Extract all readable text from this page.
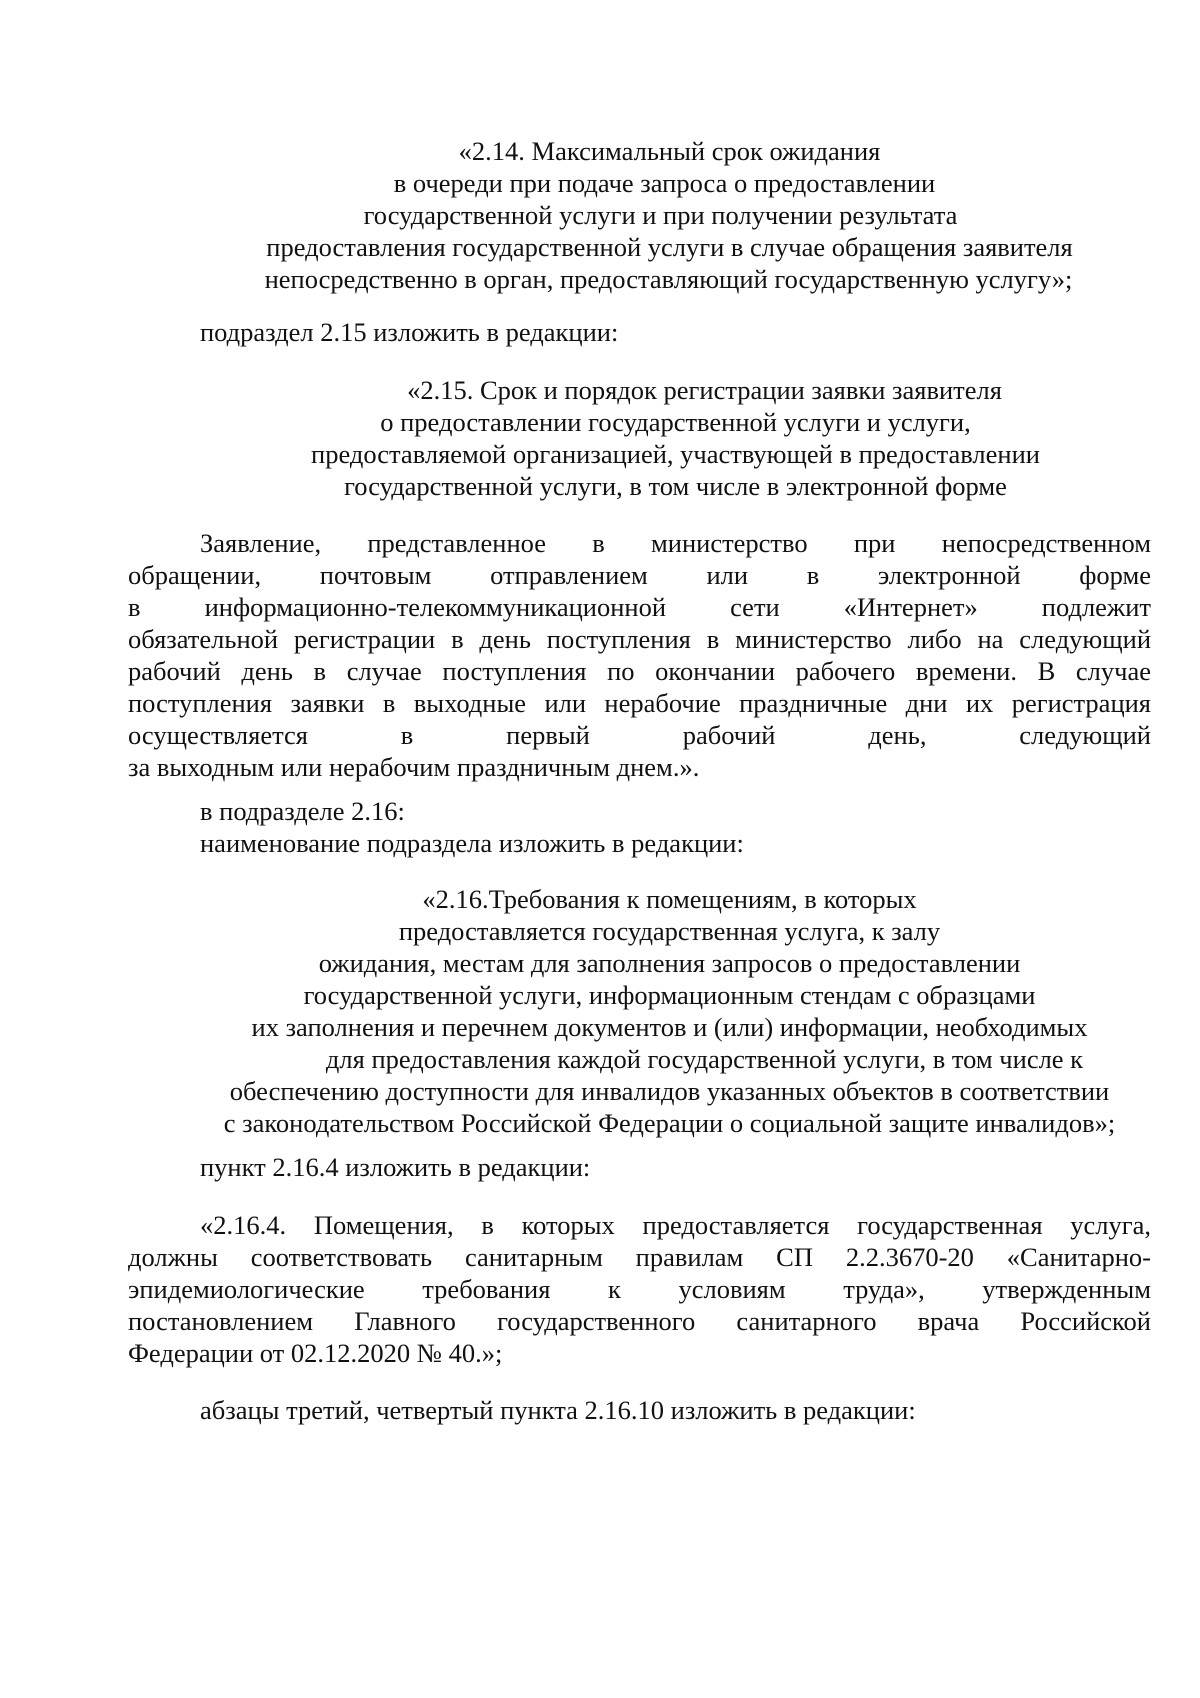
«2.14. Максимальный срок ожидания
в очереди при подаче запроса о предоставлении
государственной услуги и при получении результата
предоставления государственной услуги в случае обращения заявителя
непосредственно в орган, предоставляющий государственную услугу»;
подраздел 2.15 изложить в редакции:
«2.15. Срок и порядок регистрации заявки заявителя
о предоставлении государственной услуги и услуги,
предоставляемой организацией, участвующей в предоставлении
государственной услуги, в том числе в электронной форме
Заявление, представленное в министерство при непосредственном
обращении, почтовым отправлением или в электронной форме
в информационно-телекоммуникационной сети «Интернет» подлежит
обязательной регистрации в день поступления в министерство либо на следующий
рабочий день в случае поступления по окончании рабочего времени. В случае
поступления заявки в выходные или нерабочие праздничные дни их регистрация
осуществляется в первый рабочий день, следующий
за выходным или нерабочим праздничным днем.».
в подразделе 2.16:
наименование подраздела изложить в редакции:
«2.16.Требования к помещениям, в которых
предоставляется государственная услуга, к залу
ожидания, местам для заполнения запросов о предоставлении
государственной услуги, информационным стендам с образцами
их заполнения и перечнем документов и (или) информации, необходимых
для предоставления каждой государственной услуги, в том числе к
обеспечению доступности для инвалидов указанных объектов в соответствии
с законодательством Российской Федерации о социальной защите инвалидов»;
пункт 2.16.4 изложить в редакции:
«2.16.4. Помещения, в которых предоставляется государственная услуга,
должны соответствовать санитарным правилам СП 2.2.3670-20 «Санитарно-
эпидемиологические требования к условиям труда», утвержденным
постановлением Главного государственного санитарного врача Российской
Федерации от 02.12.2020 № 40.»;
абзацы третий, четвертый пункта 2.16.10 изложить в редакции:
